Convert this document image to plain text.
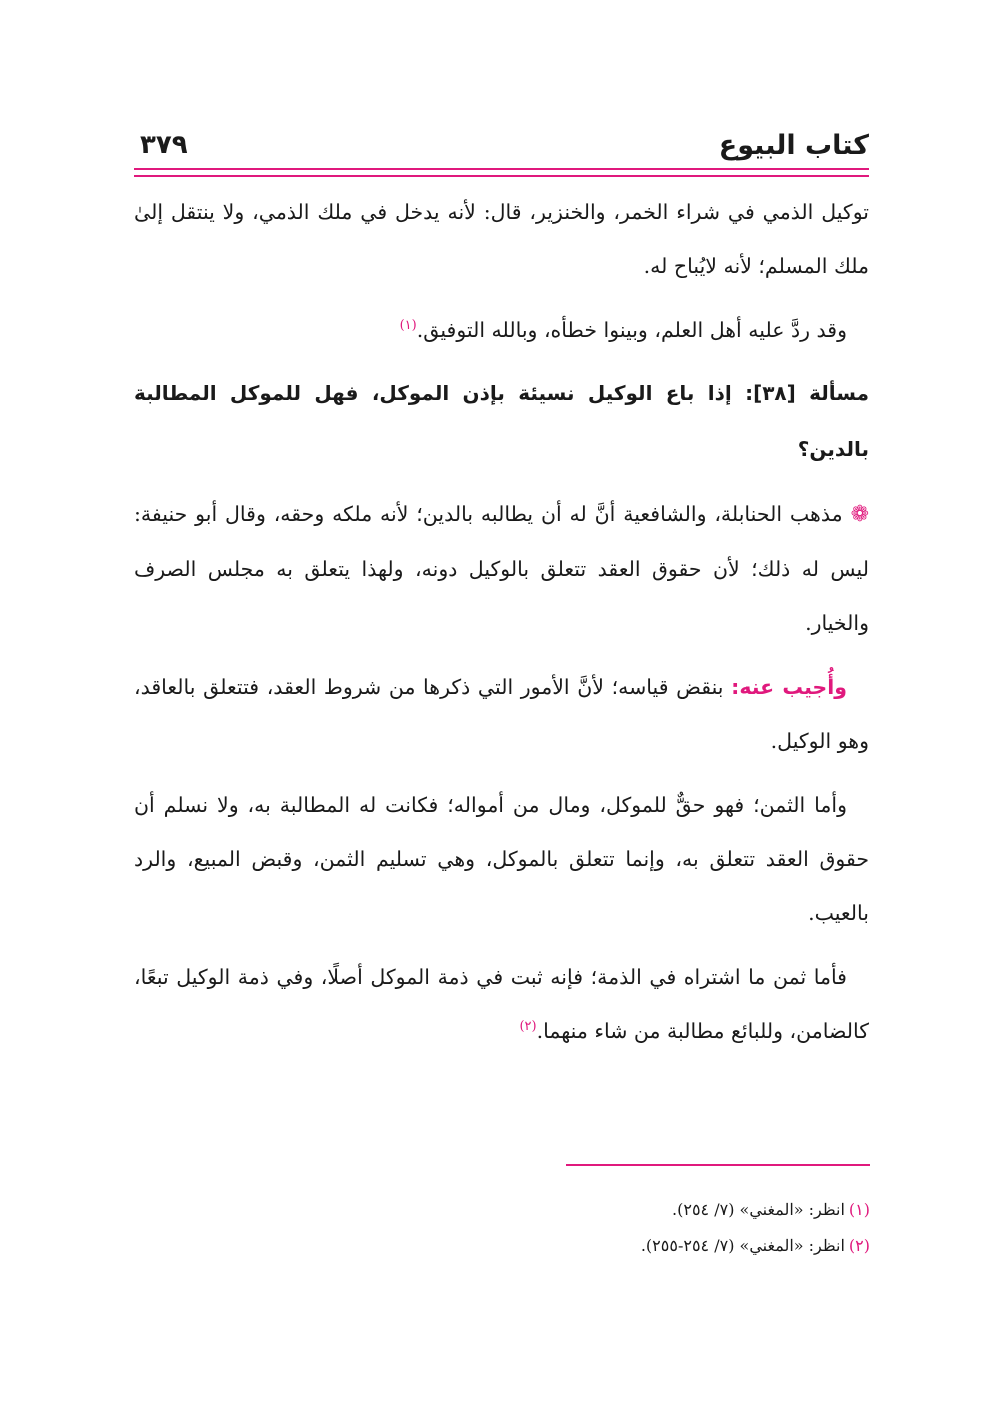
كتاب البيوع
٣٧٩

توكيل الذمي في شراء الخمر، والخنزير، قال: لأنه يدخل في ملك الذمي، ولا ينتقل إلىٰ ملك المسلم؛ لأنه لايُباح له.

وقد ردَّ عليه أهل العلم، وبينوا خطأه، وبالله التوفيق.$^{(١)}$

مسألة [٣٨]: إذا باع الوكيل نسيئة بإذن الموكل، فهل للموكل المطالبة بالدين؟

❁مذهب الحنابلة، والشافعية أنَّ له أن يطالبه بالدين؛ لأنه ملكه وحقه، وقال أبو حنيفة: ليس له ذلك؛ لأن حقوق العقد تتعلق بالوكيل دونه، ولهذا يتعلق به مجلس الصرف والخيار.

وأُجيب عنه: بنقض قياسه؛ لأنَّ الأمور التي ذكرها من شروط العقد، فتتعلق بالعاقد، وهو الوكيل.

وأما الثمن؛ فهو حقٌّ للموكل، ومال من أمواله؛ فكانت له المطالبة به، ولا نسلم أن حقوق العقد تتعلق به، وإنما تتعلق بالموكل، وهي تسليم الثمن، وقبض المبيع، والرد بالعيب.

فأما ثمن ما اشتراه في الذمة؛ فإنه ثبت في ذمة الموكل أصلًا، وفي ذمة الوكيل تبعًا، كالضامن، وللبائع مطالبة من شاء منهما.$^{(٢)}$

(١)انظر: «المغني» (٧/ ٢٥٤).
(٢)انظر: «المغني» (٧/ ٢٥٤-٢٥٥).
